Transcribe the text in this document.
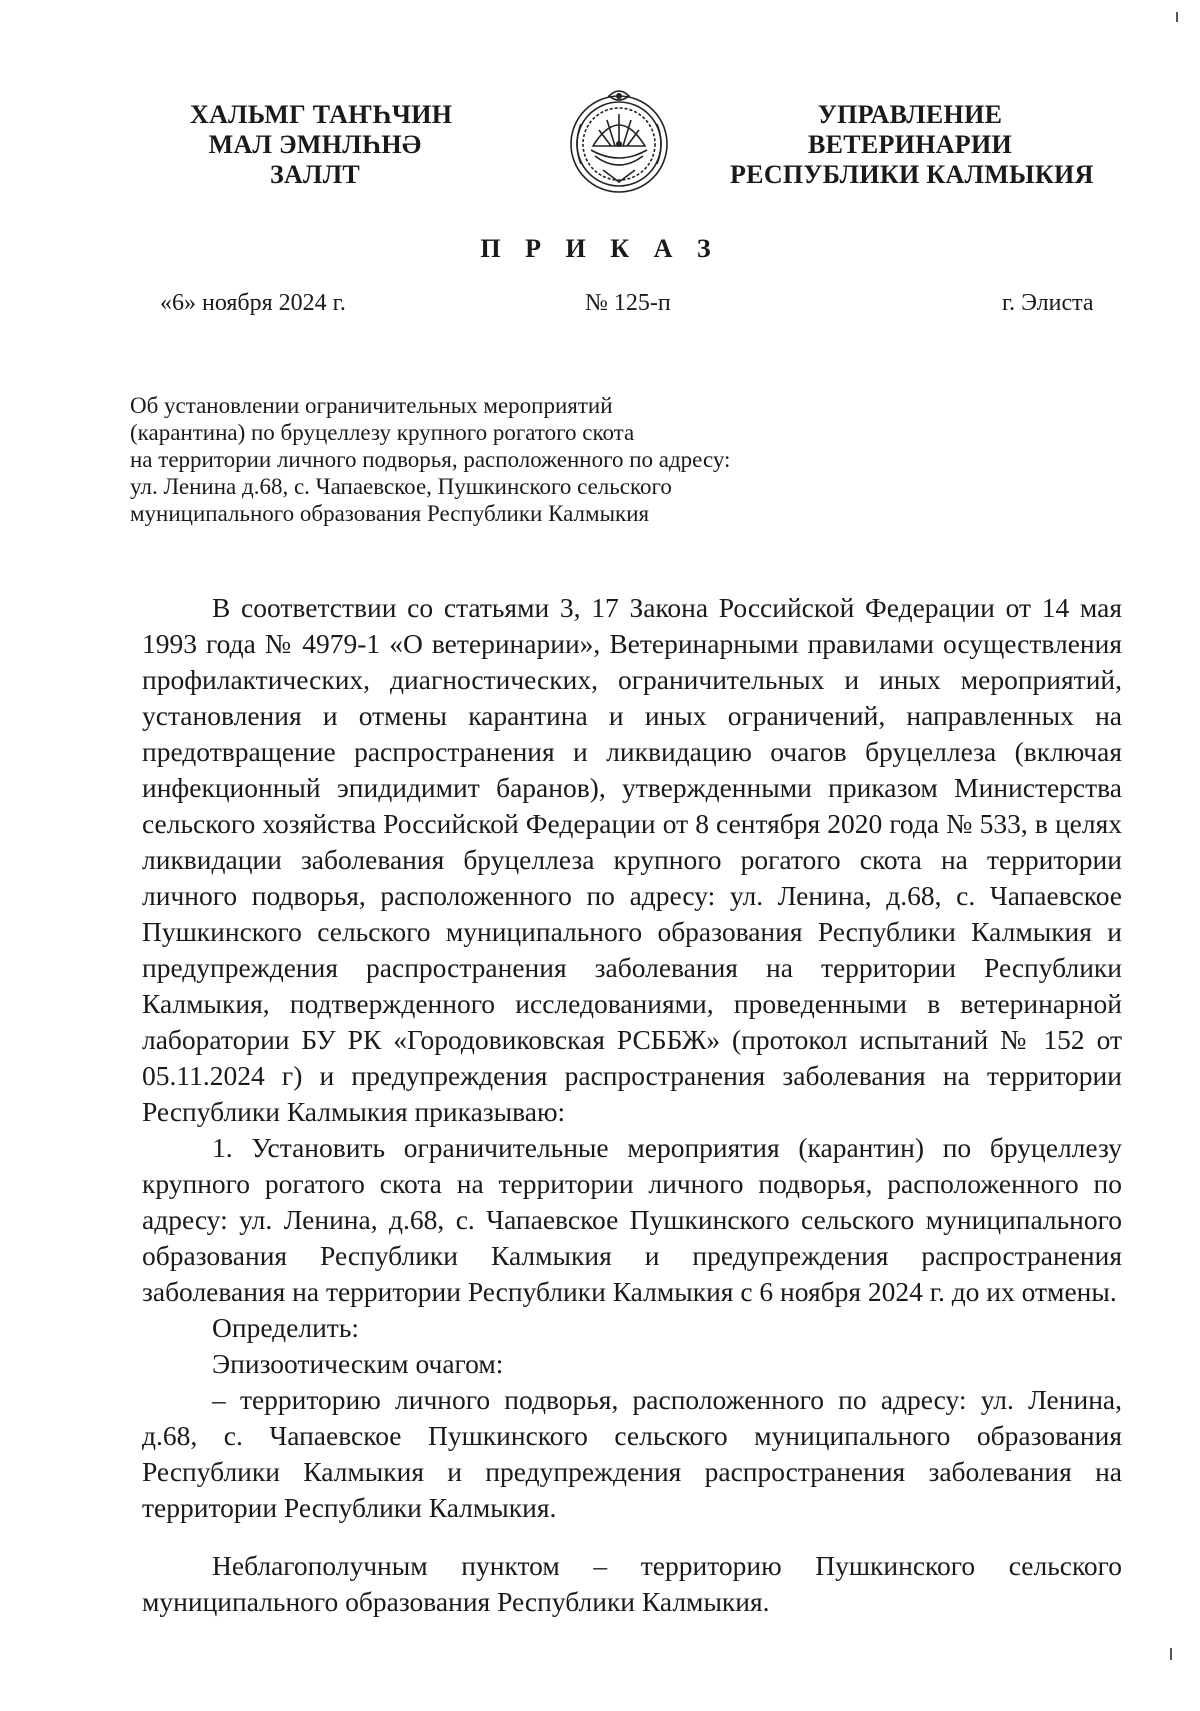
ХАЛЬМГ ТАҤҺЧИН
МАЛ ЭМНЛҺНӘ
ЗАЛЛТ
УПРАВЛЕНИЕ
ВЕТЕРИНАРИИ
РЕСПУБЛИКИ КАЛМЫКИЯ
П Р И К А З
«6» ноября 2024 г.	№ 125-п	г. Элиста
Об установлении ограничительных мероприятий
(карантина) по бруцеллезу крупного рогатого скота
на территории личного подворья, расположенного по адресу:
ул. Ленина д.68, с. Чапаевское, Пушкинского сельского
муниципального образования Республики Калмыкия

В соответствии со статьями 3, 17 Закона Российской Федерации от 14 мая 1993 года № 4979-1 «О ветеринарии», Ветеринарными правилами осуществления профилактических, диагностических, ограничительных и иных мероприятий, установления и отмены карантина и иных ограничений, направленных на предотвращение распространения и ликвидацию очагов бруцеллеза (включая инфекционный эпидидимит баранов), утвержденными приказом Министерства сельского хозяйства Российской Федерации от 8 сентября 2020 года № 533, в целях ликвидации заболевания бруцеллеза крупного рогатого скота на территории личного подворья, расположенного по адресу: ул. Ленина, д.68, с. Чапаевское Пушкинского сельского муниципального образования Республики Калмыкия и предупреждения распространения заболевания на территории Республики Калмыкия, подтвержденного исследованиями, проведенными в ветеринарной лаборатории БУ РК «Городовиковская РСББЖ» (протокол испытаний № 152 от 05.11.2024 г) и предупреждения распространения заболевания на территории Республики Калмыкия приказываю:

1. Установить ограничительные мероприятия (карантин) по бруцеллезу крупного рогатого скота на территории личного подворья, расположенного по адресу: ул. Ленина, д.68, с. Чапаевское Пушкинского сельского муниципального образования Республики Калмыкия и предупреждения распространения заболевания на территории Республики Калмыкия с 6 ноября 2024 г. до их отмены.

Определить:

Эпизоотическим очагом:

– территорию личного подворья, расположенного по адресу: ул. Ленина, д.68, с. Чапаевское Пушкинского сельского муниципального образования Республики Калмыкия и предупреждения распространения заболевания на территории Республики Калмыкия.

Неблагополучным пунктом – территорию Пушкинского сельского муниципального образования Республики Калмыкия.
